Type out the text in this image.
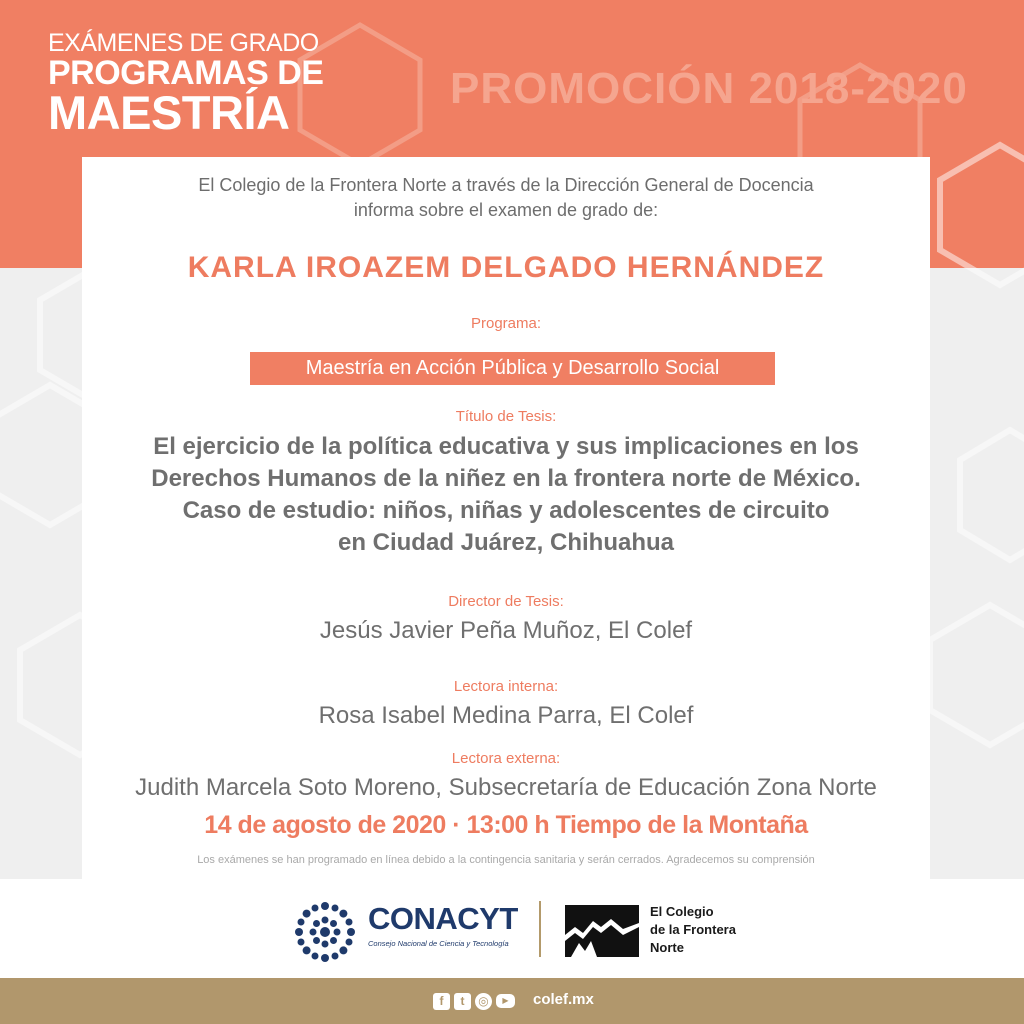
EXÁMENES DE GRADO
PROGRAMAS DE
MAESTRÍA	PROMOCIÓN 2018-2020
El Colegio de la Frontera Norte a través de la Dirección General de Docencia
informa sobre el examen de grado de:
KARLA IROAZEM DELGADO HERNÁNDEZ
Programa:
Maestría en Acción Pública y Desarrollo Social
Título de Tesis:
El ejercicio de la política educativa y sus implicaciones en los
Derechos Humanos de la niñez en la frontera norte de México.
Caso de estudio: niños, niñas y adolescentes de circuito
en Ciudad Juárez, Chihuahua
Director de Tesis:
Jesús Javier Peña Muñoz, El Colef
Lectora interna:
Rosa Isabel Medina Parra, El Colef
Lectora externa:
Judith Marcela Soto Moreno, Subsecretaría de Educación Zona Norte
14 de agosto de 2020 · 13:00 h Tiempo de la Montaña
Los exámenes se han programado en línea debido a la contingencia sanitaria y serán cerrados. Agradecemos su comprensión
CONACYT
Consejo Nacional de Ciencia y Tecnología
El Colegio
de la Frontera
Norte
f	t	◎	▶	colef.mx
